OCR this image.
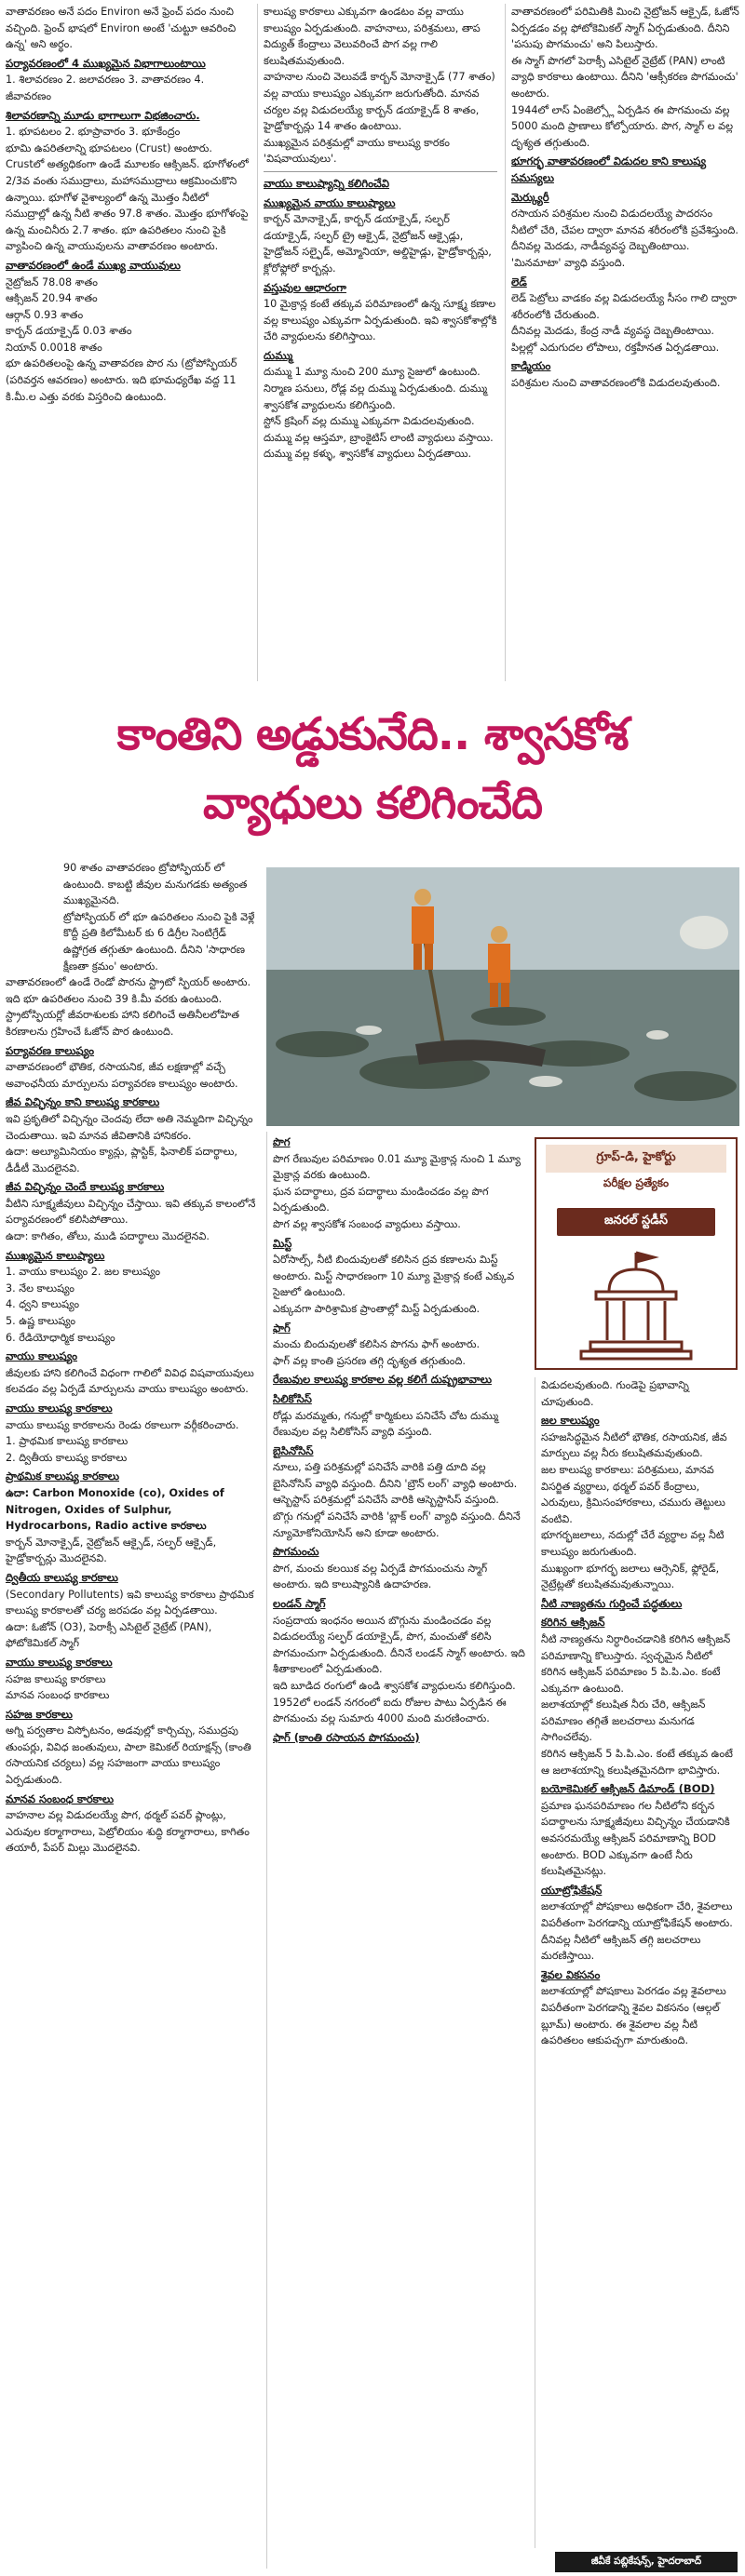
వాతావరణం అనే పదం Environ అనే ఫ్రెంచ్ పదం నుంచి వచ్చింది. ఫ్రెంచ్ భాషలో Environ అంటే 'చుట్టూ ఆవరించి ఉన్న' అని అర్థం.

పర్యావరణంలో 4 ముఖ్యమైన విభాగాలుంటాయి

1. శిలావరణం 2. జలావరణం 3. వాతావరణం 4. జీవావరణం

శిలావరణాన్ని మూడు భాగాలుగా విభజించారు.

1. భూపటలం 2. భూప్రావారం 3. భూకేంద్రం

భూమి ఉపరితలాన్ని భూపటలం (Crust) అంటారు. Crustలో అత్యధికంగా ఉండే మూలకం ఆక్సిజన్. భూగోళంలో 2/3వ వంతు సముద్రాలు, మహాసముద్రాలు ఆక్రమించుకొని ఉన్నాయి. భూగోళ వైశాల్యంలో ఉన్న మొత్తం నీటిలో సముద్రాల్లో ఉన్న నీటి శాతం 97.8 శాతం. మొత్తం భూగోళంపై ఉన్న మంచినీరు 2.7 శాతం. భూ ఉపరితలం నుంచి పైకి వ్యాపించి ఉన్న వాయువులను వాతావరణం అంటారు.

వాతావరణంలో ఉండే ముఖ్య వాయువులు

నైట్రోజన్ 78.08 శాతం
ఆక్సిజన్ 20.94 శాతం
ఆర్గాన్ 0.93 శాతం
కార్బన్ డయాక్సైడ్ 0.03 శాతం
నియాన్ 0.0018 శాతం

భూ ఉపరితలంపై ఉన్న వాతావరణ పొర ను (ట్రోపోస్ఫియర్ (పరివర్తన ఆవరణం) అంటారు. ఇది భూమధ్యరేఖ వద్ద 11 కి.మీ.ల ఎత్తు వరకు విస్తరించి ఉంటుంది.

కాలుష్య కారకాలు ఎక్కువగా ఉండటం వల్ల వాయు కాలుష్యం ఏర్పడుతుంది. వాహనాలు, పరిశ్రమలు, తాప విద్యుత్ కేంద్రాలు వెలువరించే పొగ వల్ల గాలి కలుషితమవుతుంది.

వాహనాల నుంచి వెలువడే కార్బన్ మోనాక్సైడ్ (77 శాతం) వల్ల వాయు కాలుష్యం ఎక్కువగా జరుగుతోంది. మానవ చర్యల వల్ల విడుదలయ్యే కార్బన్ డయాక్సైడ్ 8 శాతం, హైడ్రోకార్బన్లు 14 శాతం ఉంటాయి.

ముఖ్యమైన పరిశ్రమల్లో వాయు కాలుష్య కారకం 'విషవాయువులు'.

వాయు కాలుష్యాన్ని కలిగించేవి
ముఖ్యమైన వాయు కాలుష్యాలు

కార్బన్ మోనాక్సైడ్, కార్బన్ డయాక్సైడ్, సల్ఫర్ డయాక్సైడ్, సల్ఫర్ ట్రై ఆక్సైడ్, నైట్రోజన్ ఆక్సైడ్లు, హైడ్రోజన్ సల్ఫైడ్, అమ్మోనియా, అల్డిహైడ్లు, హైడ్రోకార్బన్లు, క్లోరోఫ్లోరో కార్బన్లు.

వస్తువుల ఆధారంగా

10 మైక్రాన్ల కంటే తక్కువ పరిమాణంలో ఉన్న సూక్ష్మ కణాల వల్ల కాలుష్యం ఎక్కువగా ఏర్పడుతుంది. ఇవి శ్వాసకోశాల్లోకి చేరి వ్యాధులను కలిగిస్తాయి.

దుమ్ము

దుమ్ము 1 మ్యూ నుంచి 200 మ్యూ సైజులో ఉంటుంది. నిర్మాణ పనులు, రోడ్ల వల్ల దుమ్ము ఏర్పడుతుంది. దుమ్ము శ్వాసకోశ వ్యాధులను కలిగిస్తుంది.

స్టోన్ క్రషింగ్ వల్ల దుమ్ము ఎక్కువగా విడుదలవుతుంది. దుమ్ము వల్ల ఆస్తమా, బ్రాంకైటిస్ లాంటి వ్యాధులు వస్తాయి.

దుమ్ము వల్ల కళ్ళు, శ్వాసకోశ వ్యాధులు ఏర్పడతాయి.

వాతావరణంలో పరిమితికి మించి నైట్రోజన్ ఆక్సైడ్, ఓజోన్ ఏర్పడడం వల్ల ఫోటోకెమికల్ స్మాగ్ ఏర్పడుతుంది. దీనిని 'పసుపు పొగమంచు' అని పిలుస్తారు.

ఈ స్మాగ్ పొగలో పెరాక్సీ ఎసిటైల్ నైట్రేట్ (PAN) లాంటి వ్యాధి కారకాలు ఉంటాయి. దీనిని 'ఆక్సీకరణ పొగమంచు' అంటారు.

1944లో లాస్ ఏంజెల్స్లో ఏర్పడిన ఈ పొగమంచు వల్ల 5000 మంది ప్రాణాలు కోల్పోయారు. పొగ, స్మాగ్ ల వల్ల దృశ్యత తగ్గుతుంది.

భూగర్భ వాతావరణంలో విడుదల కాని కాలుష్య సమస్యలు
మెర్క్యురీ

రసాయన పరిశ్రమల నుంచి విడుదలయ్యే పాదరసం నీటిలో చేరి, చేపల ద్వారా మానవ శరీరంలోకి ప్రవేశిస్తుంది. దీనివల్ల మెదడు, నాడీవ్యవస్థ దెబ్బతింటాయి. 'మినమాటా' వ్యాధి వస్తుంది.

లెడ్

లెడ్ పెట్రోలు వాడకం వల్ల విడుదలయ్యే సీసం గాలి ద్వారా శరీరంలోకి చేరుతుంది.

దీనివల్ల మెదడు, కేంద్ర నాడీ వ్యవస్థ దెబ్బతింటాయి. పిల్లల్లో ఎదుగుదల లోపాలు, రక్తహీనత ఏర్పడతాయి.

కాడ్మియం

పరిశ్రమల నుంచి వాతావరణంలోకి విడుదలవుతుంది.

కాంతిని అడ్డుకునేది.. శ్వాసకోశ
వ్యాధులు కలిగించేది

90 శాతం వాతావరణం ట్రోపోస్ఫియర్ లో ఉంటుంది. కాబట్టి జీవుల మనుగడకు అత్యంత ముఖ్యమైనది.

ట్రోపోస్ఫియర్ లో భూ ఉపరితలం నుంచి పైకి వెళ్లే కొద్దీ ప్రతి కిలోమీటర్ కు 6 డిగ్రీల సెంటిగ్రేడ్ ఉష్ణోగ్రత తగ్గుతూ ఉంటుంది. దీనిని 'సాధారణ క్షీణతా క్రమం' అంటారు.

వాతావరణంలో ఉండే రెండో పొరను స్ట్రాటో స్ఫియర్ అంటారు. ఇది భూ ఉపరితలం నుంచి 39 కి.మీ వరకు ఉంటుంది. స్ట్రాటోస్ఫియర్లో జీవరాశులకు హాని కలిగించే అతినీలలోహిత కిరణాలను గ్రహించే ఓజోన్ పొర ఉంటుంది.

పర్యావరణ కాలుష్యం

వాతావరణంలో భౌతిక, రసాయనిక, జీవ లక్షణాల్లో వచ్చే అవాంఛనీయ మార్పులను పర్యావరణ కాలుష్యం అంటారు.

జీవ విచ్ఛిన్నం కాని కాలుష్య కారకాలు

ఇవి ప్రకృతిలో విచ్ఛిన్నం చెందవు లేదా అతి నెమ్మదిగా విచ్ఛిన్నం చెందుతాయి. ఇవి మానవ జీవితానికి హానికరం.

ఉదా: అల్యూమినియం క్యాన్లు, ప్లాస్టిక్, ఫినాలిక్ పదార్థాలు, డీడీటీ మొదలైనవి.

జీవ విచ్ఛిన్నం చెందే కాలుష్య కారకాలు

వీటిని సూక్ష్మజీవులు విచ్ఛిన్నం చేస్తాయి. ఇవి తక్కువ కాలంలోనే పర్యావరణంలో కలిసిపోతాయి.

ఉదా: కాగితం, తోలు, ముడి పదార్థాలు మొదలైనవి.

ముఖ్యమైన కాలుష్యాలు

1. వాయు కాలుష్యం 2. జల కాలుష్యం
3. నేల కాలుష్యం
4. ధ్వని కాలుష్యం
5. ఉష్ణ కాలుష్యం
6. రేడియోధార్మిక కాలుష్యం

వాయు కాలుష్యం

జీవులకు హాని కలిగించే విధంగా గాలిలో వివిధ విషవాయువులు కలవడం వల్ల ఏర్పడే మార్పులను వాయు కాలుష్యం అంటారు.

వాయు కాలుష్య కారకాలు

వాయు కాలుష్య కారకాలను రెండు రకాలుగా వర్గీకరించారు.

1. ప్రాథమిక కాలుష్య కారకాలు
2. ద్వితీయ కాలుష్య కారకాలు

ప్రాథమిక కాలుష్య కారకాలు

ఉదా: Carbon Monoxide (co), Oxides of Nitrogen, Oxides of Sulphur, Hydrocarbons, Radio active కారకాలు

కార్బన్ మోనాక్సైడ్, నైట్రోజన్ ఆక్సైడ్, సల్ఫర్ ఆక్సైడ్, హైడ్రోకార్బన్లు మొదలైనవి.

ద్వితీయ కాలుష్య కారకాలు

(Secondary Pollutents) ఇవి కాలుష్య కారకాలు ప్రాథమిక కాలుష్య కారకాలతో చర్య జరపడం వల్ల ఏర్పడతాయి.

ఉదా: ఓజోన్ (O3), పెరాక్సీ ఎసిటైల్ నైట్రేట్ (PAN), ఫోటోకెమికల్ స్మాగ్

వాయు కాలుష్య కారకాలు

సహజ కాలుష్య కారకాలు
మానవ సంబంధ కారకాలు

సహజ కారకాలు

అగ్ని పర్వతాల విస్ఫోటనం, అడవుల్లో కార్చిచ్చు, సముద్రపు తుంపర్లు, వివిధ జంతువులు, పాలా కెమికల్ రియాక్షన్స్ (కాంతి రసాయనిక చర్యలు) వల్ల సహజంగా వాయు కాలుష్యం ఏర్పడుతుంది.

మానవ సంబంధ కారకాలు

వాహనాల వల్ల విడుదలయ్యే పొగ, థర్మల్ పవర్ ప్లాంట్లు, ఎరువుల కర్మాగారాలు, పెట్రోలియం శుద్ధి కర్మాగారాలు, కాగితం తయారీ, పేపర్ మిల్లు మొదలైనవి.

పొగ

పొగ రేణువుల పరిమాణం 0.01 మ్యూ మైక్రాన్ల నుంచి 1 మ్యూ మైక్రాన్ల వరకు ఉంటుంది.

ఘన పదార్థాలు, ద్రవ పదార్థాలు మండించడం వల్ల పొగ ఏర్పడుతుంది.

పొగ వల్ల శ్వాసకోశ సంబంధ వ్యాధులు వస్తాయి.

మిస్ట్

ఏరోసాల్స్, నీటి బిందువులతో కలిసిన ద్రవ కణాలను మిస్ట్ అంటారు. మిస్ట్ సాధారణంగా 10 మ్యూ మైక్రాన్ల కంటే ఎక్కువ సైజులో ఉంటుంది.

ఎక్కువగా పారిశ్రామిక ప్రాంతాల్లో మిస్ట్ ఏర్పడుతుంది.

ఫాగ్

మంచు బిందువులతో కలిసిన పొగను ఫాగ్ అంటారు.

ఫాగ్ వల్ల కాంతి ప్రసరణ తగ్గి దృశ్యత తగ్గుతుంది.

రేణువుల కాలుష్య కారకాల వల్ల కలిగే దుష్ప్రభావాలు
సిలికోసిస్

రోడ్లు మరమ్మతు, గనుల్లో కార్మికులు పనిచేసే చోట దుమ్ము రేణువుల వల్ల సిలికోసిస్ వ్యాధి వస్తుంది.

బైసినోసిస్

నూలు, పత్తి పరిశ్రమల్లో పనిచేసే వారికి పత్తి దూది వల్ల బైసినోసిస్ వ్యాధి వస్తుంది. దీనిని 'బ్రౌన్ లంగ్' వ్యాధి అంటారు.

ఆస్బెస్టాస్ పరిశ్రమల్లో పనిచేసే వారికి ఆస్బెస్టాసిస్ వస్తుంది.

బొగ్గు గనుల్లో పనిచేసే వారికి 'బ్లాక్ లంగ్' వ్యాధి వస్తుంది. దీనినే న్యూమోకోనియోసిస్ అని కూడా అంటారు.

పొగమంచు

పొగ, మంచు కలయిక వల్ల ఏర్పడే పొగమంచును స్మాగ్ అంటారు. ఇది కాలుష్యానికి ఉదాహరణ.

లండన్ స్మాగ్

సంప్రదాయ ఇంధనం అయిన బొగ్గును మండించడం వల్ల విడుదలయ్యే సల్ఫర్ డయాక్సైడ్, పొగ, మంచుతో కలిసి పొగమంచుగా ఏర్పడుతుంది. దీనినే లండన్ స్మాగ్ అంటారు. ఇది శీతాకాలంలో ఏర్పడుతుంది.

ఇది బూడిద రంగులో ఉండి శ్వాసకోశ వ్యాధులను కలిగిస్తుంది.

1952లో లండన్ నగరంలో ఐదు రోజుల పాటు ఏర్పడిన ఈ పొగమంచు వల్ల సుమారు 4000 మంది మరణించారు.

ఫాగ్ (కాంతి రసాయన పొగమంచు)
గ్రూప్-డి, హైకోర్టు
పరీక్షల ప్రత్యేకం
జనరల్ స్టడీస్

విడుదలవుతుంది. గుండెపై ప్రభావాన్ని చూపుతుంది.

జల కాలుష్యం

సహజసిద్ధమైన నీటిలో భౌతిక, రసాయనిక, జీవ మార్పులు వల్ల నీరు కలుషితమవుతుంది.

జల కాలుష్య కారకాలు: పరిశ్రమలు, మానవ విసర్జిత వ్యర్థాలు, థర్మల్ పవర్ కేంద్రాలు, ఎరువులు, క్రిమిసంహారకాలు, చమురు తెట్టులు వంటివి.

భూగర్భజలాలు, నదుల్లో చేరే వ్యర్థాల వల్ల నీటి కాలుష్యం జరుగుతుంది.

ముఖ్యంగా భూగర్భ జలాలు ఆర్సెనిక్, ఫ్లోరైడ్, నైట్రేట్లతో కలుషితమవుతున్నాయి.

నీటి నాణ్యతను గుర్తించే పద్ధతులు
కరిగిన ఆక్సిజన్

నీటి నాణ్యతను నిర్ధారించడానికి కరిగిన ఆక్సిజన్ పరిమాణాన్ని కొలుస్తారు. స్వచ్ఛమైన నీటిలో కరిగిన ఆక్సిజన్ పరిమాణం 5 పి.పి.ఎం. కంటే ఎక్కువగా ఉంటుంది.

జలాశయాల్లో కలుషిత నీరు చేరి, ఆక్సిజన్ పరిమాణం తగ్గితే జలచరాలు మనుగడ సాగించలేవు.

కరిగిన ఆక్సిజన్ 5 పి.పి.ఎం. కంటే తక్కువ ఉంటే ఆ జలాశయాన్ని కలుషితమైనదిగా భావిస్తారు.

బయోకెమికల్ ఆక్సిజన్ డిమాండ్ (BOD)

ప్రమాణ ఘనపరిమాణం గల నీటిలోని కర్బన పదార్థాలను సూక్ష్మజీవులు విచ్ఛిన్నం చేయడానికి అవసరమయ్యే ఆక్సిజన్ పరిమాణాన్ని BOD అంటారు. BOD ఎక్కువగా ఉంటే నీరు కలుషితమైనట్లు.

యూట్రోఫికేషన్

జలాశయాల్లో పోషకాలు అధికంగా చేరి, శైవలాలు విపరీతంగా పెరగడాన్ని యూట్రోఫికేషన్ అంటారు.

దీనివల్ల నీటిలో ఆక్సిజన్ తగ్గి జలచరాలు మరణిస్తాయి.

శైవల వికసనం

జలాశయాల్లో పోషకాలు పెరగడం వల్ల శైవలాలు విపరీతంగా పెరగడాన్ని శైవల వికసనం (ఆల్గల్ బ్లూమ్) అంటారు. ఈ శైవలాల వల్ల నీటి ఉపరితలం ఆకుపచ్చగా మారుతుంది.

జీవీకే పబ్లికేషన్స్, హైదరాబాద్
